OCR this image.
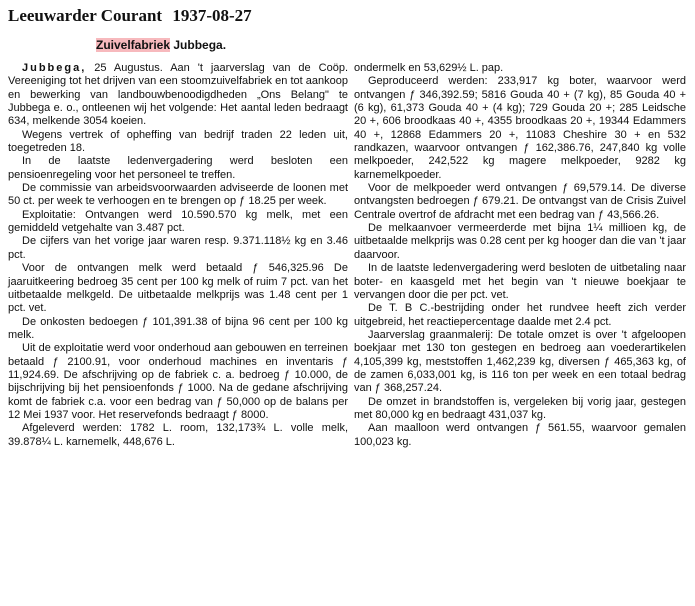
Leeuwarder Courant 1937-08-27
Zuivelfabriek Jubbega.

Jubbega, 25 Augustus. Aan 't jaarverslag van de Coöp. Vereeniging tot het drijven van een stoomzuivelfabriek en tot aankoop en bewerking van landbouwbenoodigdheden „Ons Belang" te Jubbega e. o., ontleenen wij het volgende: Het aantal leden bedraagt 634, melkende 3054 koeien.

Wegens vertrek of opheffing van bedrijf traden 22 leden uit, toegetreden 18.

In de laatste ledenvergadering werd besloten een pensioenregeling voor het personeel te treffen.

De commissie van arbeidsvoorwaarden adviseerde de loonen met 50 ct. per week te verhoogen en te brengen op ƒ 18.25 per week.

Exploitatie: Ontvangen werd 10.590.570 kg melk, met een gemiddeld vetgehalte van 3.487 pct.

De cijfers van het vorige jaar waren resp. 9.371.118½ kg en 3.46 pct.

Voor de ontvangen melk werd betaald ƒ 546,325.96 De jaaruitkeering bedroeg 35 cent per 100 kg melk of ruim 7 pct. van het uitbetaalde melkgeld. De uitbetaalde melkprijs was 1.48 cent per 1 pct. vet.

De onkosten bedoegen ƒ 101,391.38 of bijna 96 cent per 100 kg melk.

Uit de exploitatie werd voor onderhoud aan gebouwen en terreinen betaald ƒ 2100.91, voor onderhoud machines en inventaris ƒ 11,924.69. De afschrijving op de fabriek c. a. bedroeg ƒ 10.000, de bijschrijving bij het pensioenfonds ƒ 1000. Na de gedane afschrijving komt de fabriek c.a. voor een bedrag van ƒ 50,000 op de balans per 12 Mei 1937 voor. Het reservefonds bedraagt ƒ 8000.

Afgeleverd werden: 1782 L. room, 132,173¾ L. volle melk, 39.878¼ L. karnemelk, 448,676 L.

ondermelk en 53,629½ L. pap.

Geproduceerd werden: 233,917 kg boter, waarvoor werd ontvangen ƒ 346,392.59; 5816 Gouda 40 + (7 kg), 85 Gouda 40 + (6 kg), 61,373 Gouda 40 + (4 kg); 729 Gouda 20 +; 285 Leidsche 20 +, 606 broodkaas 40 +, 4355 broodkaas 20 +, 19344 Edammers 40 +, 12868 Edammers 20 +, 11083 Cheshire 30 + en 532 randkazen, waarvoor ontvangen ƒ 162,386.76, 247,840 kg volle melkpoeder, 242,522 kg magere melkpoeder, 9282 kg karnemelkpoeder.

Voor de melkpoeder werd ontvangen ƒ 69,579.14. De diverse ontvangsten bedroegen ƒ 679.21. De ontvangst van de Crisis Zuivel Centrale overtrof de afdracht met een bedrag van ƒ 43,566.26.

De melkaanvoer vermeerderde met bijna 1¼ millioen kg, de uitbetaalde melkprijs was 0.28 cent per kg hooger dan die van 't jaar daarvoor.

In de laatste ledenvergadering werd besloten de uitbetaling naar boter- en kaasgeld met het begin van 't nieuwe boekjaar te vervangen door die per pct. vet.

De T. B C.-bestrijding onder het rundvee heeft zich verder uitgebreid, het reactiepercentage daalde met 2.4 pct.

Jaarverslag graanmalerij: De totale omzet is over 't afgeloopen boekjaar met 130 ton gestegen en bedroeg aan voederartikelen 4,105,399 kg, meststoffen 1,462,239 kg, diversen ƒ 465,363 kg, of de zamen 6,033,001 kg, is 116 ton per week en een totaal bedrag van ƒ 368,257.24.

De omzet in brandstoffen is, vergeleken bij vorig jaar, gestegen met 80,000 kg en bedraagt 431,037 kg.

Aan maalloon werd ontvangen ƒ 561.55, waarvoor gemalen 100,023 kg.
